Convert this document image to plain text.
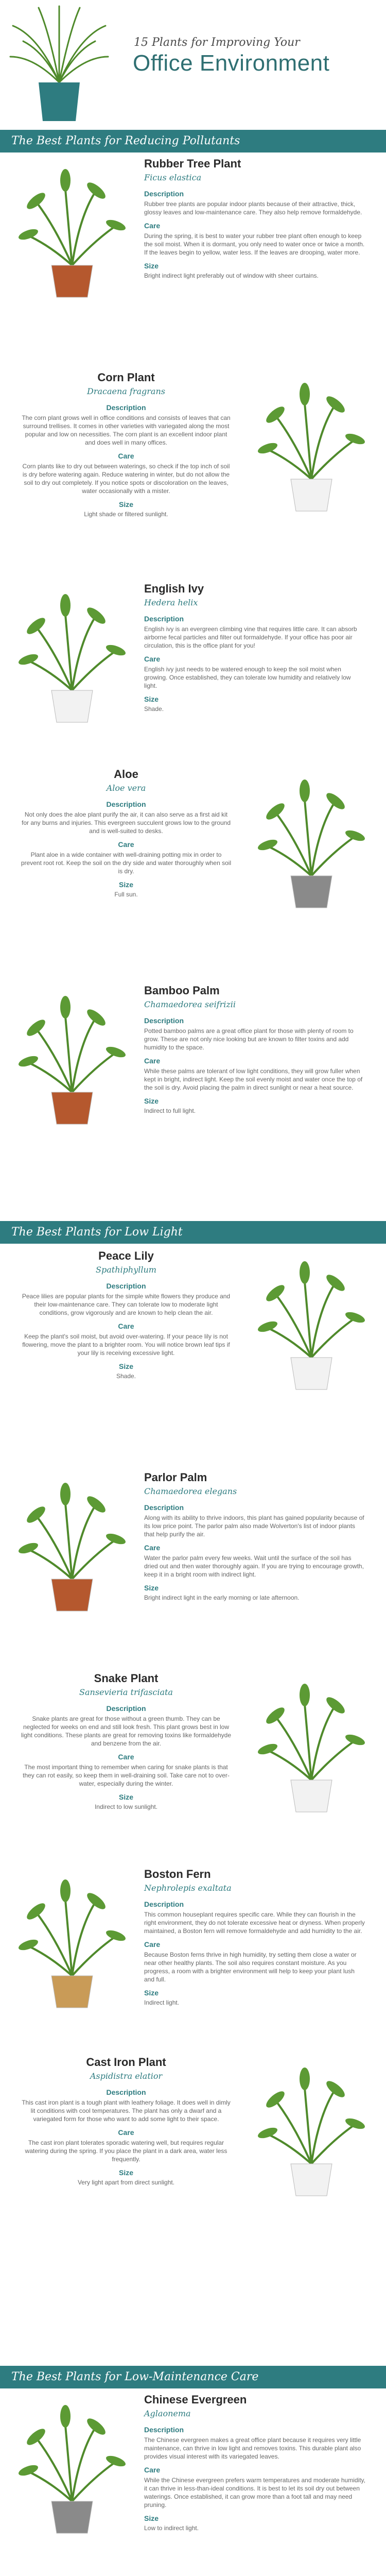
15 Plants for Improving Your
Office Environment
The Best Plants for Reducing Pollutants
The Best Plants for Low Light
The Best Plants for Low-Maintenance Care

Rubber Tree Plant

Ficus elastica

Description

Rubber tree plants are popular indoor plants because of their attractive, thick, glossy leaves and low-maintenance care. They also help remove formaldehyde.

Care

During the spring, it is best to water your rubber tree plant often enough to keep the soil moist. When it is dormant, you only need to water once or twice a month. If the leaves begin to yellow, water less. If the leaves are drooping, water more.

Size

Bright indirect light preferably out of window with sheer curtains.

Corn Plant

Dracaena fragrans

Description

The corn plant grows well in office conditions and consists of leaves that can surround trellises. It comes in other varieties with variegated along the most popular and low on necessities. The corn plant is an excellent indoor plant and does well in many offices.

Care

Corn plants like to dry out between waterings, so check if the top inch of soil is dry before watering again. Reduce watering in winter, but do not allow the soil to dry out completely. If you notice spots or discoloration on the leaves, water occasionally with a mister.

Size

Light shade or filtered sunlight.

English Ivy

Hedera helix

Description

English ivy is an evergreen climbing vine that requires little care. It can absorb airborne fecal particles and filter out formaldehyde. If your office has poor air circulation, this is the office plant for you!

Care

English ivy just needs to be watered enough to keep the soil moist when growing. Once established, they can tolerate low humidity and relatively low light.

Size

Shade.

Aloe

Aloe vera

Description

Not only does the aloe plant purify the air, it can also serve as a first aid kit for any burns and injuries. This evergreen succulent grows low to the ground and is well-suited to desks.

Care

Plant aloe in a wide container with well-draining potting mix in order to prevent root rot. Keep the soil on the dry side and water thoroughly when soil is dry.

Size

Full sun.

Bamboo Palm

Chamaedorea seifrizii

Description

Potted bamboo palms are a great office plant for those with plenty of room to grow. These are not only nice looking but are known to filter toxins and add humidity to the space.

Care

While these palms are tolerant of low light conditions, they will grow fuller when kept in bright, indirect light. Keep the soil evenly moist and water once the top of the soil is dry. Avoid placing the palm in direct sunlight or near a heat source.

Size

Indirect to full light.

Peace Lily

Spathiphyllum

Description

Peace lilies are popular plants for the simple white flowers they produce and their low-maintenance care. They can tolerate low to moderate light conditions, grow vigorously and are known to help clean the air.

Care

Keep the plant's soil moist, but avoid over-watering. If your peace lily is not flowering, move the plant to a brighter room. You will notice brown leaf tips if your lily is receiving excessive light.

Size

Shade.

Parlor Palm

Chamaedorea elegans

Description

Along with its ability to thrive indoors, this plant has gained popularity because of its low price point. The parlor palm also made Wolverton's list of indoor plants that help purify the air.

Care

Water the parlor palm every few weeks. Wait until the surface of the soil has dried out and then water thoroughly again. If you are trying to encourage growth, keep it in a bright room with indirect light.

Size

Bright indirect light in the early morning or late afternoon.

Snake Plant

Sansevieria trifasciata

Description

Snake plants are great for those without a green thumb. They can be neglected for weeks on end and still look fresh. This plant grows best in low light conditions. These plants are great for removing toxins like formaldehyde and benzene from the air.

Care

The most important thing to remember when caring for snake plants is that they can rot easily, so keep them in well-draining soil. Take care not to over-water, especially during the winter.

Size

Indirect to low sunlight.

Boston Fern

Nephrolepis exaltata

Description

This common houseplant requires specific care. While they can flourish in the right environment, they do not tolerate excessive heat or dryness. When properly maintained, a Boston fern will remove formaldehyde and add humidity to the air.

Care

Because Boston ferns thrive in high humidity, try setting them close a water or near other healthy plants. The soil also requires constant moisture. As you progress, a room with a brighter environment will help to keep your plant lush and full.

Size

Indirect light.

Cast Iron Plant

Aspidistra elatior

Description

This cast iron plant is a tough plant with leathery foliage. It does well in dimly lit conditions with cool temperatures. The plant has only a dwarf and a variegated form for those who want to add some light to their space.

Care

The cast iron plant tolerates sporadic watering well, but requires regular watering during the spring. If you place the plant in a dark area, water less frequently.

Size

Very light apart from direct sunlight.

Chinese Evergreen

Aglaonema

Description

The Chinese evergreen makes a great office plant because it requires very little maintenance, can thrive in low light and removes toxins. This durable plant also provides visual interest with its variegated leaves.

Care

While the Chinese evergreen prefers warm temperatures and moderate humidity, it can thrive in less-than-ideal conditions. It is best to let its soil dry out between waterings. Once established, it can grow more than a foot tall and may need pruning.

Size

Low to indirect light.
